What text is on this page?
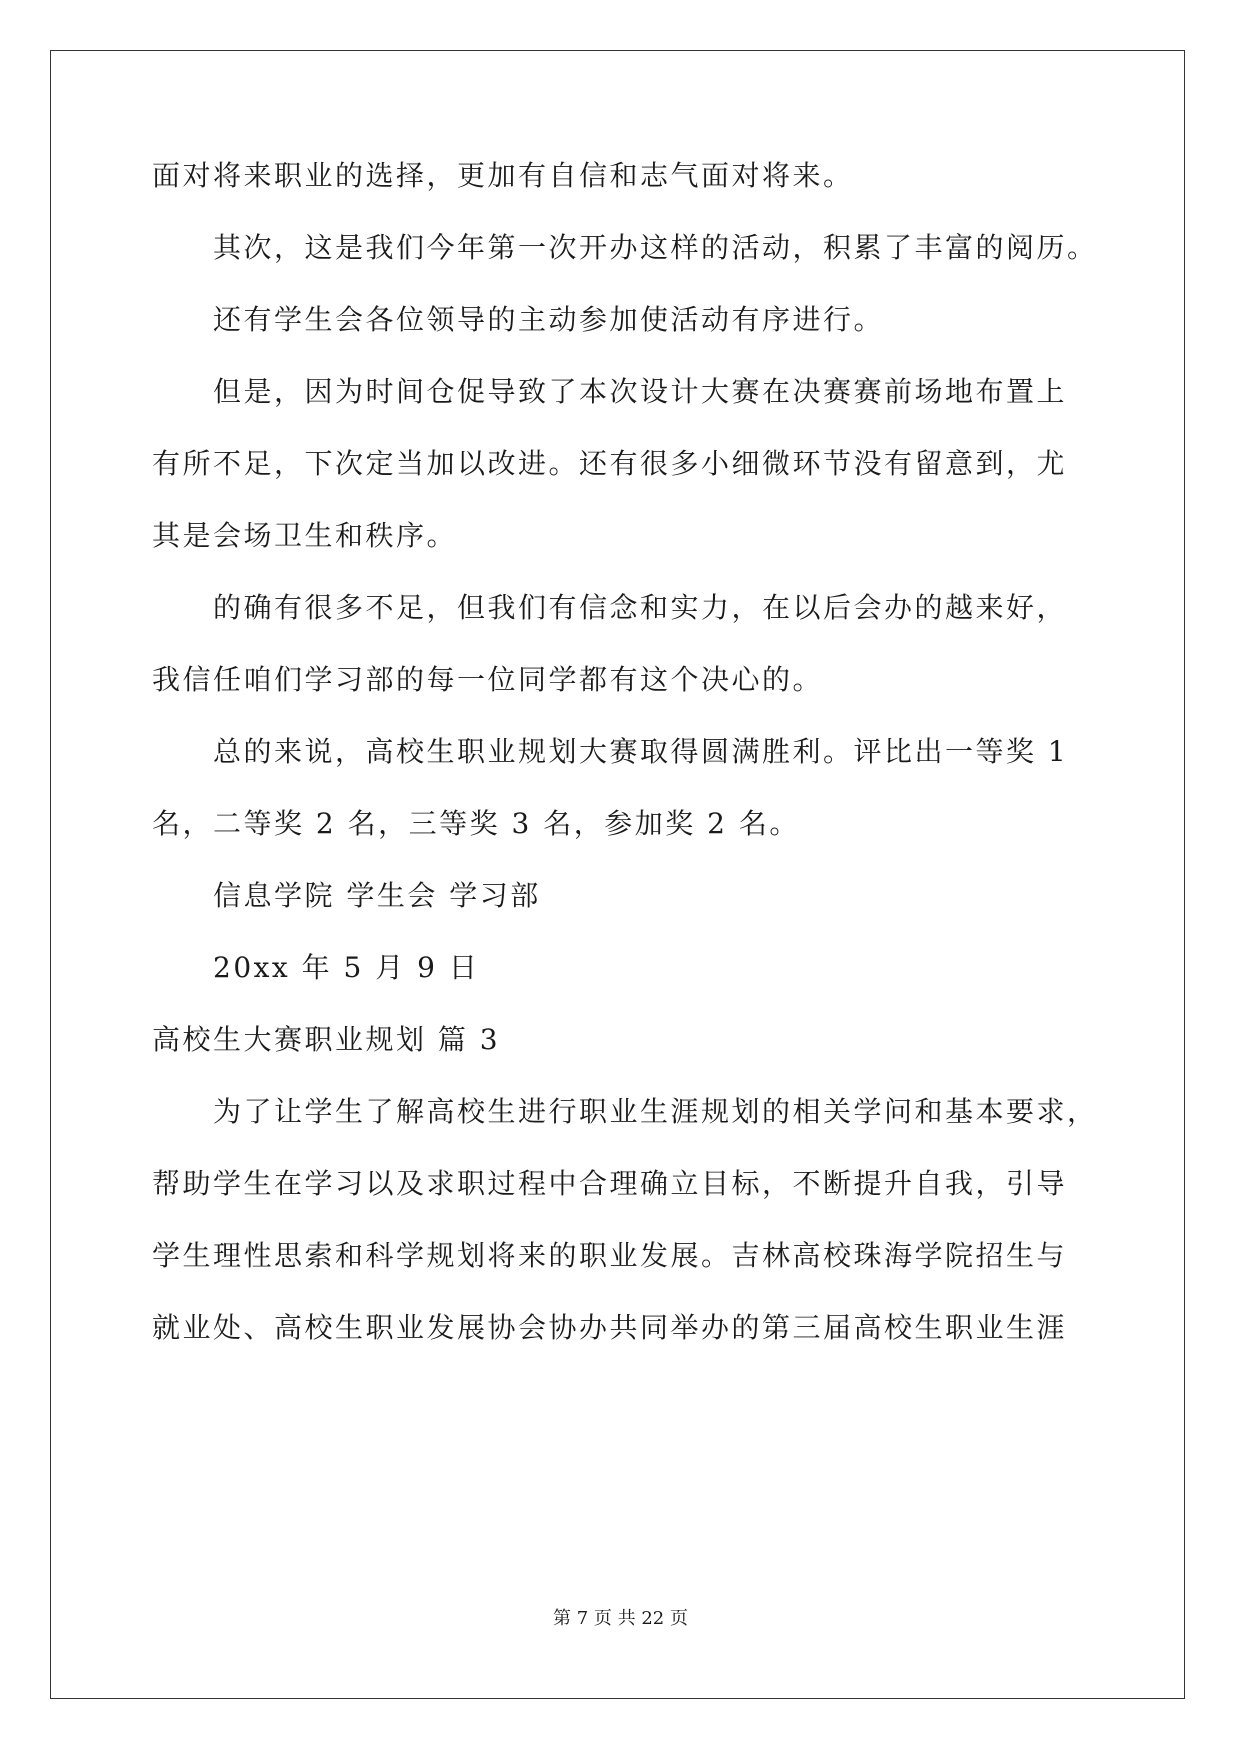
面对将来职业的选择，更加有自信和志气面对将来。
其次，这是我们今年第一次开办这样的活动，积累了丰富的阅历。
还有学生会各位领导的主动参加使活动有序进行。
但是，因为时间仓促导致了本次设计大赛在决赛赛前场地布置上
有所不足，下次定当加以改进。还有很多小细微环节没有留意到，尤
其是会场卫生和秩序。
的确有很多不足，但我们有信念和实力，在以后会办的越来好，
我信任咱们学习部的每一位同学都有这个决心的。
总的来说，高校生职业规划大赛取得圆满胜利。评比出一等奖 1
名，二等奖 2 名，三等奖 3 名，参加奖 2 名。
信息学院 学生会 学习部
20xx 年 5 月 9 日
高校生大赛职业规划 篇 3
为了让学生了解高校生进行职业生涯规划的相关学问和基本要求，
帮助学生在学习以及求职过程中合理确立目标，不断提升自我，引导
学生理性思索和科学规划将来的职业发展。吉林高校珠海学院招生与
就业处、高校生职业发展协会协办共同举办的第三届高校生职业生涯
第 7 页 共 22 页
